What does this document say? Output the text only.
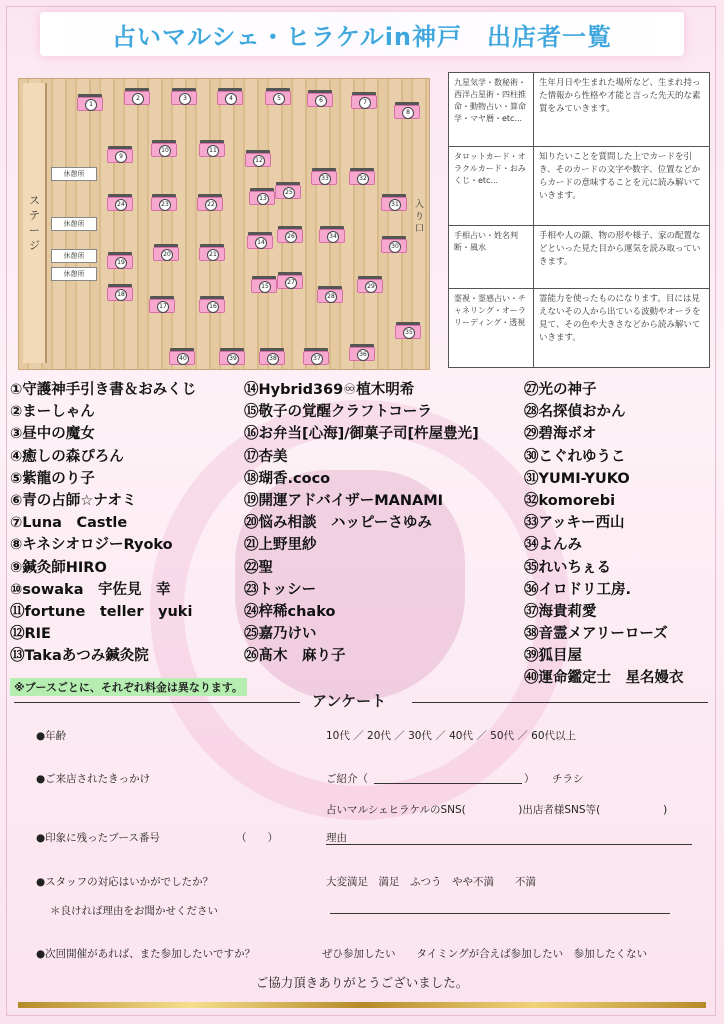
占いマルシェ・ヒラケルin神戸　出店者一覧
ステージ
休憩所
休憩所
休憩所
休憩所
入り口
1
2	3	4	5	6	7
8
9
10	11
12
13
14
15
16
17
18
19
20	21
22
23
24
25
26
27
28
29
30
31
32
33
34
35
36
37
38
39
40
九星気学・数秘術・西洋占星術・四柱推命・動物占い・算命学・マヤ暦・etc...	生年月日や生まれた場所など、生まれ持った情報から性格や才能と言った先天的な素質をみていきます。
タロットカード・オラクルカード・おみくじ・etc...	知りたいことを質問した上でカードを引き、そのカードの文字や数字、位置などからカードの意味することを元に読み解いていきます。
手相占い・姓名判断・風水	手相や人の顔、物の形や様子、家の配置などといった見た目から運気を読み取っていきます。
霊視・霊感占い・チャネリング・オーラリーディング・透視	霊能力を使ったものになります。目には見えないその人から出ている波動やオーラを見て、その色や大きさなどから読み解いていきます。
①守護神手引き書＆おみくじ
②まーしゃん
③昼中の魔女
④癒しの森ぴろん
⑤紫龍のり子
⑥青の占師☆ナオミ
⑦Luna　Castle
⑧キネシオロジーRyoko
⑨鍼灸師HIRO
⑩sowaka　宇佐見　幸
⑪fortune　teller　yuki
⑫RIE
⑬Takaあつみ鍼灸院
⑭Hybrid369♾植木明希
⑮敬子の覚醒クラフトコーラ
⑯お弁当[心海]/御菓子司[杵屋豊光]
⑰杏美
⑱瑚香.coco
⑲開運アドバイザーMANAMI
⑳悩み相談　ハッピーさゆみ
㉑上野里紗
㉒聖
㉓トッシー
㉔梓稀chako
㉕嘉乃けい
㉖髙木　麻り子
㉗光の神子
㉘名探偵おかん
㉙碧海ボオ
㉚こぐれゆうこ
㉛YUMI-YUKO
㉜komorebi
㉝アッキー西山
㉞よんみ
㉟れいちぇる
㊱イロドリ工房.
㊲海貴莉愛
㊳音霊メアリーローズ
㊴狐目屋
㊵運命鑑定士　星名嫚衣
※ブースごとに、それぞれ料金は異なります。
アンケート
●年齢	10代 ／ 20代 ／ 30代 ／ 40代 ／ 50代 ／ 60代以上
●ご来店されたきっかけ	ご紹介（	） チラシ
占いマルシェヒラケルのSNS(　　　　　)出店者様SNS等(　　　　　　)
●印象に残ったブース番号	（　　）	理由
●スタッフの対応はいかがでしたか？	大変満足　満足　ふつう　やや不満　　不満
＊良ければ理由をお聞かせください
●次回開催があれば、また参加したいですか？	ぜひ参加したい　　タイミングが合えば参加したい　参加したくない
ご協力頂きありがとうございました。
